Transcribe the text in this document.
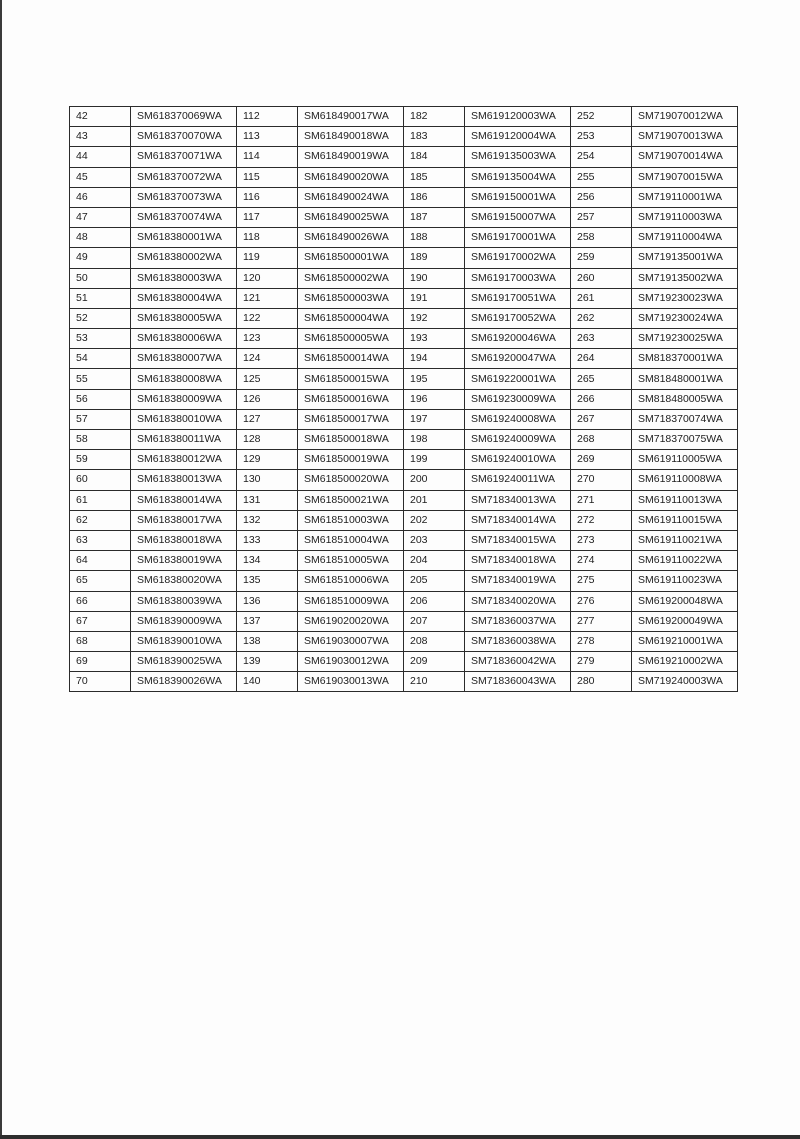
42	SM618370069WA	112	SM618490017WA	182	SM619120003WA	252	SM719070012WA
43	SM618370070WA	113	SM618490018WA	183	SM619120004WA	253	SM719070013WA
44	SM618370071WA	114	SM618490019WA	184	SM619135003WA	254	SM719070014WA
45	SM618370072WA	115	SM618490020WA	185	SM619135004WA	255	SM719070015WA
46	SM618370073WA	116	SM618490024WA	186	SM619150001WA	256	SM719110001WA
47	SM618370074WA	117	SM618490025WA	187	SM619150007WA	257	SM719110003WA
48	SM618380001WA	118	SM618490026WA	188	SM619170001WA	258	SM719110004WA
49	SM618380002WA	119	SM618500001WA	189	SM619170002WA	259	SM719135001WA
50	SM618380003WA	120	SM618500002WA	190	SM619170003WA	260	SM719135002WA
51	SM618380004WA	121	SM618500003WA	191	SM619170051WA	261	SM719230023WA
52	SM618380005WA	122	SM618500004WA	192	SM619170052WA	262	SM719230024WA
53	SM618380006WA	123	SM618500005WA	193	SM619200046WA	263	SM719230025WA
54	SM618380007WA	124	SM618500014WA	194	SM619200047WA	264	SM818370001WA
55	SM618380008WA	125	SM618500015WA	195	SM619220001WA	265	SM818480001WA
56	SM618380009WA	126	SM618500016WA	196	SM619230009WA	266	SM818480005WA
57	SM618380010WA	127	SM618500017WA	197	SM619240008WA	267	SM718370074WA
58	SM618380011WA	128	SM618500018WA	198	SM619240009WA	268	SM718370075WA
59	SM618380012WA	129	SM618500019WA	199	SM619240010WA	269	SM619110005WA
60	SM618380013WA	130	SM618500020WA	200	SM619240011WA	270	SM619110008WA
61	SM618380014WA	131	SM618500021WA	201	SM718340013WA	271	SM619110013WA
62	SM618380017WA	132	SM618510003WA	202	SM718340014WA	272	SM619110015WA
63	SM618380018WA	133	SM618510004WA	203	SM718340015WA	273	SM619110021WA
64	SM618380019WA	134	SM618510005WA	204	SM718340018WA	274	SM619110022WA
65	SM618380020WA	135	SM618510006WA	205	SM718340019WA	275	SM619110023WA
66	SM618380039WA	136	SM618510009WA	206	SM718340020WA	276	SM619200048WA
67	SM618390009WA	137	SM619020020WA	207	SM718360037WA	277	SM619200049WA
68	SM618390010WA	138	SM619030007WA	208	SM718360038WA	278	SM619210001WA
69	SM618390025WA	139	SM619030012WA	209	SM718360042WA	279	SM619210002WA
70	SM618390026WA	140	SM619030013WA	210	SM718360043WA	280	SM719240003WA
